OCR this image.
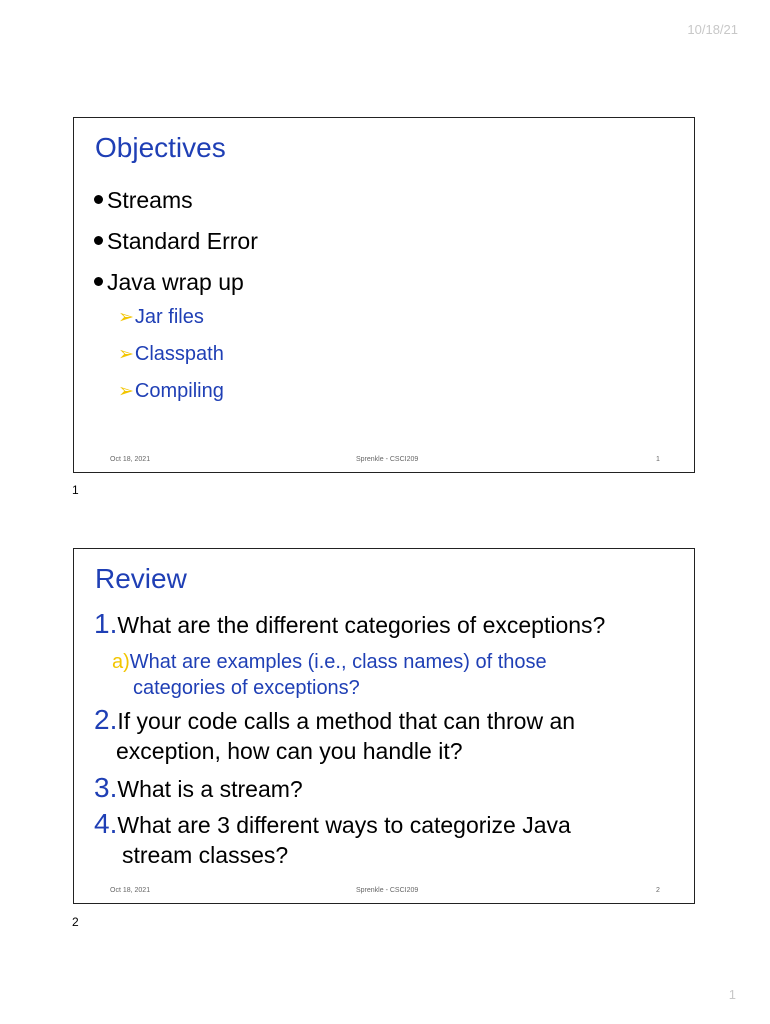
10/18/21
Objectives
Streams
Standard Error
Java wrap up
➢Jar files
➢Classpath
➢Compiling
Oct 18, 2021	Sprenkle - CSCI209	1
1
Review
1.What are the different categories of exceptions?
a)What are examples (i.e., class names) of those
categories of exceptions?
2.If your code calls a method that can throw an
exception, how can you handle it?
3.What is a stream?
4.What are 3 different ways to categorize Java
stream classes?
Oct 18, 2021	Sprenkle - CSCI209	2
2
1
